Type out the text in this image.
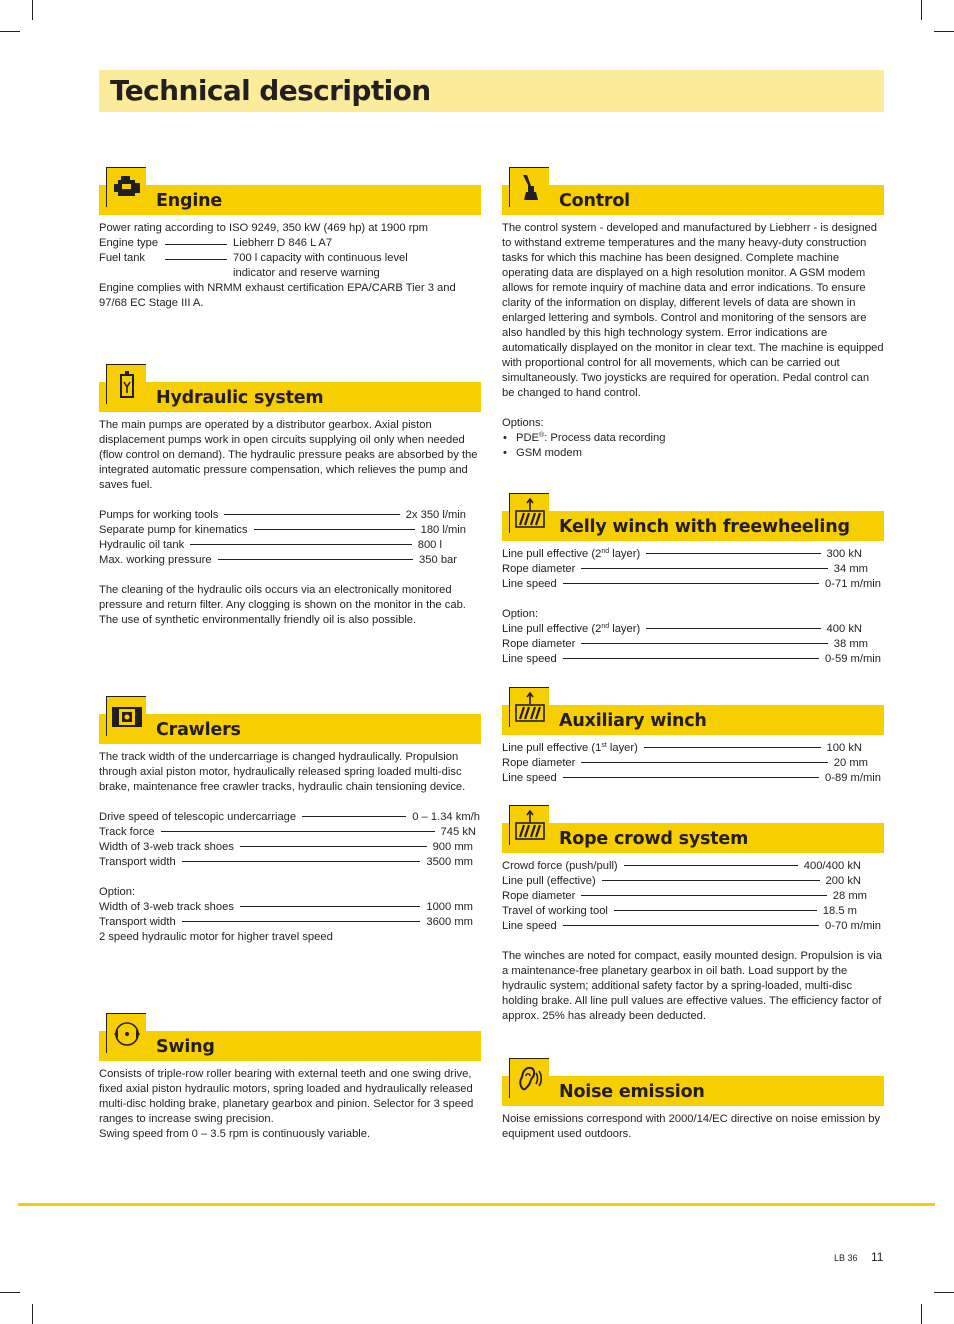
Technical description
Engine

Power rating according to ISO 9249, 350 kW (469 hp) at 1900 rpm

Engine type	Liebherr D 846 L A7
Fuel tank	700 l capacity with continuous level indicator and reserve warning

Engine complies with NRMM exhaust certification EPA/CARB Tier 3 and 97/68 EC Stage III A.

Hydraulic system

The main pumps are operated by a distributor gearbox. Axial piston displacement pumps work in open circuits supplying oil only when needed (flow control on demand). The hydraulic pressure peaks are absorbed by the integrated automatic pressure compensation, which relieves the pump and saves fuel.

Pumps for working tools	2x 350 l/min
Separate pump for kinematics	180 l/min
Hydraulic oil tank	800 l
Max. working pressure	350 bar

The cleaning of the hydraulic oils occurs via an electronically monitored pressure and return filter. Any clogging is shown on the monitor in the cab. The use of synthetic environmentally friendly oil is also possible.

Crawlers

The track width of the undercarriage is changed hydraulically. Propulsion through axial piston motor, hydraulically released spring loaded multi-disc brake, maintenance free crawler tracks, hydraulic chain tensioning device.

Drive speed of telescopic undercarriage	0 – 1.34 km/h
Track force	745 kN
Width of 3-web track shoes	900 mm
Transport width	3500 mm

Option:

Width of 3-web track shoes	1000 mm
Transport width	3600 mm

2 speed hydraulic motor for higher travel speed

Swing

Consists of triple-row roller bearing with external teeth and one swing drive, fixed axial piston hydraulic motors, spring loaded and hydraulically released multi-disc holding brake, planetary gearbox and pinion. Selector for 3 speed ranges to increase swing precision.

Swing speed from 0 – 3.5 rpm is continuously variable.

Control

The control system - developed and manufactured by Liebherr - is designed to withstand extreme temperatures and the many heavy-duty construction tasks for which this machine has been designed. Complete machine operating data are displayed on a high resolution monitor. A GSM modem allows for remote inquiry of machine data and error indications. To ensure clarity of the information on display, different levels of data are shown in enlarged lettering and symbols. Control and monitoring of the sensors are also handled by this high technology system. Error indications are automatically displayed on the monitor in clear text. The machine is equipped with proportional control for all movements, which can be carried out simultaneously. Two joysticks are required for operation. Pedal control can be changed to hand control.

Options:

• PDE®: Process data recording
• GSM modem
Kelly winch with freewheeling
Line pull effective (2nd layer)	300 kN
Rope diameter	34 mm
Line speed	0-71 m/min

Option:

Line pull effective (2nd layer)	400 kN
Rope diameter	38 mm
Line speed	0-59 m/min
Auxiliary winch
Line pull effective (1st layer)	100 kN
Rope diameter	20 mm
Line speed	0-89 m/min
Rope crowd system
Crowd force (push/pull)	400/400 kN
Line pull (effective)	200 kN
Rope diameter	28 mm
Travel of working tool	18.5 m
Line speed	0-70 m/min

The winches are noted for compact, easily mounted design. Propulsion is via a maintenance-free planetary gearbox in oil bath. Load support by the hydraulic system; additional safety factor by a spring-loaded, multi-disc holding brake. All line pull values are effective values. The efficiency factor of approx. 25% has already been deducted.

Noise emission

Noise emissions correspond with 2000/14/EC directive on noise emission by equipment used outdoors.

LB 36 11
